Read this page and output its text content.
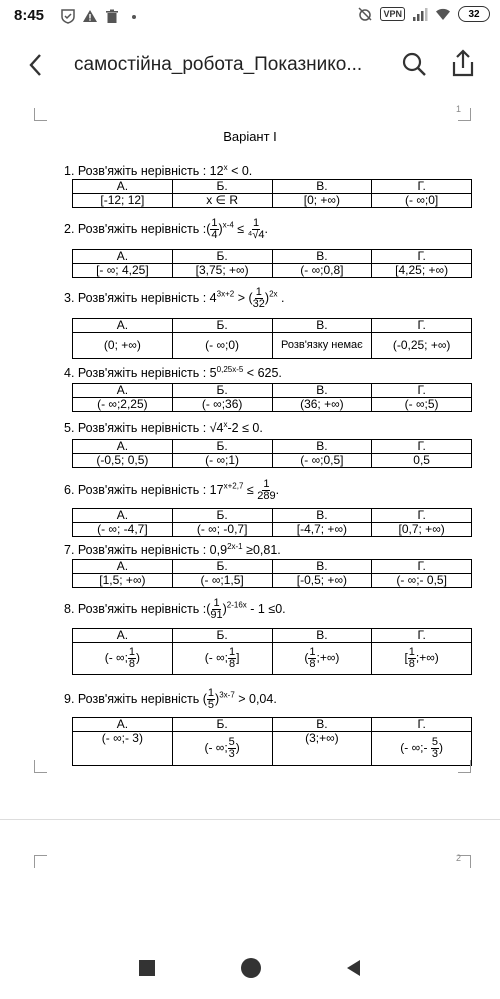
8:45	VPN	32
самостійна_робота_Показнико...
1
Варіант І
1. Розв'яжіть нерівність : $12^x < 0$.
А.	Б.	В.	Г.
[-12; 12]	x ∈ R	[0; +∞)	(- ∞;0]
2. Розв'яжіть нерівність :( $\frac{1}{4} )^{x-4} \le \frac{1}{\text{⁴√4}}$ .
А.	Б.	В.	Г.
[- ∞; 4,25]	[3,75; +∞)	(- ∞;0,8]	[4,25; +∞)
3. Розв'яжіть нерівність : $4^{3x+2}$ > ( $\frac{1}{32} )^{2x}$ .
А.	Б.	В.	Г.
(0; +∞)	(- ∞;0)	Розв'язку немає	(-0,25; +∞)
4. Розв'яжіть нерівність : $5^{0,25x-5} < 625$.
А.	Б.	В.	Г.
(- ∞;2,25)	(- ∞;36)	(36; +∞)	(- ∞;5)
5. Розв'яжіть нерівність : $√4^x-2 \le 0$.
А.	Б.	В.	Г.
(-0,5; 0,5)	(- ∞;1)	(- ∞;0,5]	0,5
6. Розв'яжіть нерівність : $17^{x+2,7} \le \frac{1}{289}$ .
А.	Б.	В.	Г.
(- ∞; -4,7]	(- ∞; -0,7]	[-4,7; +∞)	[0,7; +∞)
7. Розв'яжіть нерівність : $0,9^{2x-1} \ge 0,81$.
А.	Б.	В.	Г.
[1,5; +∞)	(- ∞;1,5]	[-0,5; +∞)	(- ∞;- 0,5]
8. Розв'яжіть нерівність :( $\frac{1}{91} )^{2-16x} - 1 \le 0$.
А.	Б.	В.	Г.
(- ∞; $\frac{1}{8}$ )	(- ∞; $\frac{1}{8}$ ]	( $\frac{1}{8}$ ;+∞)	[ $\frac{1}{8}$ ;+∞)
9. Розв'яжіть нерівність ( $\frac{1}{5} )^{3x-7} > 0,04$.
А.	Б.	В.	Г.
(- ∞;- 3)	(- ∞; $\frac{5}{3}$ )	(3;+∞)	(- ∞;- $\frac{5}{3}$ )
2
